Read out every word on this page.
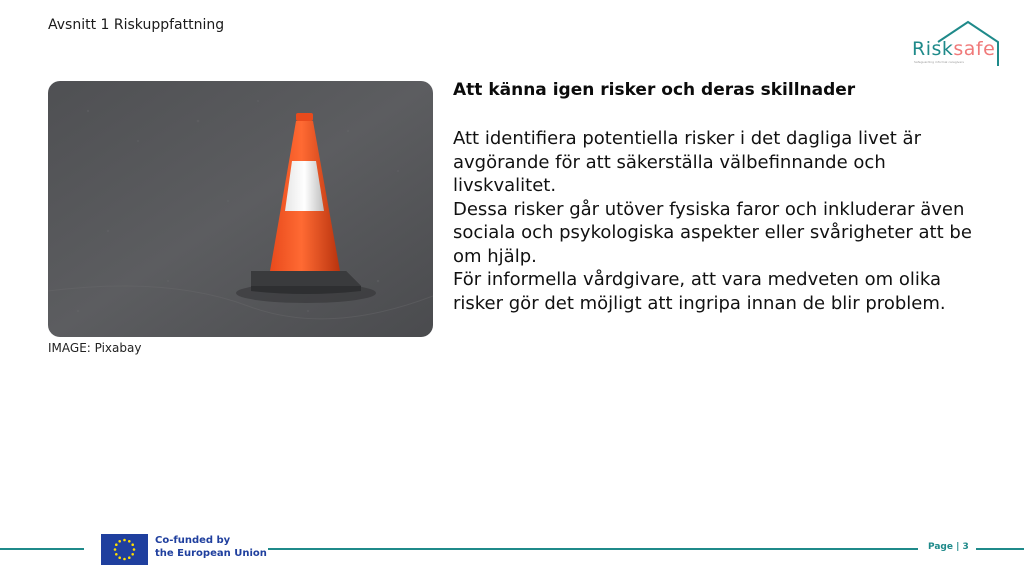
Avsnitt 1 Riskuppfattning
Risksafe
Safeguarding informal caregivers
IMAGE: Pixabay
Att känna igen risker och deras skillnader

Att identifiera potentiella risker i det dagliga livet är avgörande för att säkerställa välbefinnande och livskvalitet.

Dessa risker går utöver fysiska faror och inkluderar även sociala och psykologiska aspekter eller svårigheter att be om hjälp.

För informella vårdgivare, att vara medveten om olika risker gör det möjligt att ingripa innan de blir problem.

Co-funded by
the European Union
Page | 3
